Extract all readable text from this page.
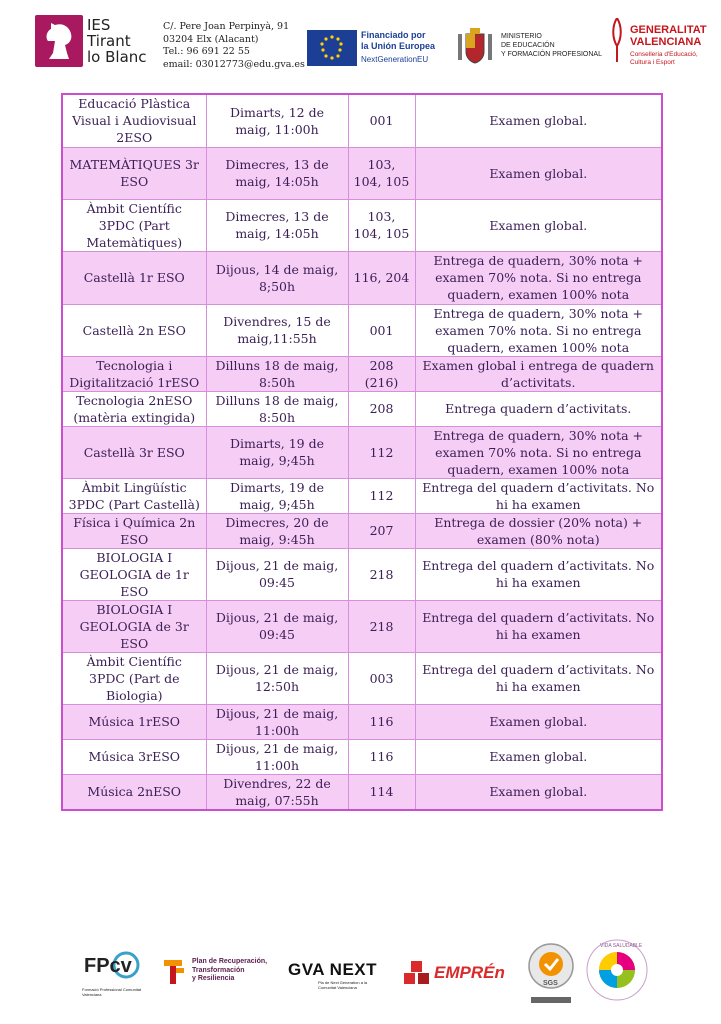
IES
Tirant
lo Blanc
C/. Pere Joan Perpinyà, 91
03204 Elx (Alacant)
Tel.: 96 691 22 55
email: 03012773@edu.gva.es
Financiado por
la Unión Europea
NextGenerationEU
MINISTERIO
DE EDUCACIÓN
Y FORMACIÓN PROFESIONAL
GENERALITAT
VALENCIANA
Conselleria d'Educació,
Cultura i Esport
Educació Plàstica Visual i Audiovisual 2ESO	Dimarts, 12 de maig, 11:00h	001	Examen global.
MATEMÀTIQUES 3r ESO	Dimecres, 13 de maig, 14:05h	103, 104, 105	Examen global.
Àmbit Científic 3PDC (Part Matemàtiques)	Dimecres, 13 de maig, 14:05h	103, 104, 105	Examen global.
Castellà 1r ESO	Dijous, 14 de maig, 8;50h	116, 204	Entrega de quadern, 30% nota + examen 70% nota. Si no entrega quadern, examen 100% nota
Castellà 2n ESO	Divendres, 15 de maig,11:55h	001	Entrega de quadern, 30% nota + examen 70% nota. Si no entrega quadern, examen 100% nota
Tecnologia i Digitalització 1rESO	Dilluns 18 de maig, 8:50h	208 (216)	Examen global i entrega de quadern d’activitats.
Tecnologia 2nESO (matèria extingida)	Dilluns 18 de maig, 8:50h	208	Entrega quadern d’activitats.
Castellà 3r ESO	Dimarts, 19 de maig, 9;45h	112	Entrega de quadern, 30% nota + examen 70% nota. Si no entrega quadern, examen 100% nota
Àmbit Lingüístic 3PDC (Part Castellà)	Dimarts, 19 de maig, 9;45h	112	Entrega del quadern d’activitats. No hi ha examen
Física i Química 2n ESO	Dimecres, 20 de maig, 9:45h	207	Entrega de dossier (20% nota) + examen (80% nota)
BIOLOGIA I GEOLOGIA de 1r ESO	Dijous, 21 de maig, 09:45	218	Entrega del quadern d’activitats. No hi ha examen
BIOLOGIA I GEOLOGIA de 3r ESO	Dijous, 21 de maig, 09:45	218	Entrega del quadern d’activitats. No hi ha examen
Àmbit Científic 3PDC (Part de Biologia)	Dijous, 21 de maig, 12:50h	003	Entrega del quadern d’activitats. No hi ha examen
Música 1rESO	Dijous, 21 de maig, 11:00h	116	Examen global.
Música 3rESO	Dijous, 21 de maig, 11:00h	116	Examen global.
Música 2nESO	Divendres, 22 de maig, 07:55h	114	Examen global.
FPcv
Formació Professional Comunitat Valenciana
Plan de Recuperación,
Transformación
y Resiliencia	GVA NEXT
Pla de Next Generation a la Comunitat Valenciana
EMPRÉn
SGS
VIDA SALUDABLE
